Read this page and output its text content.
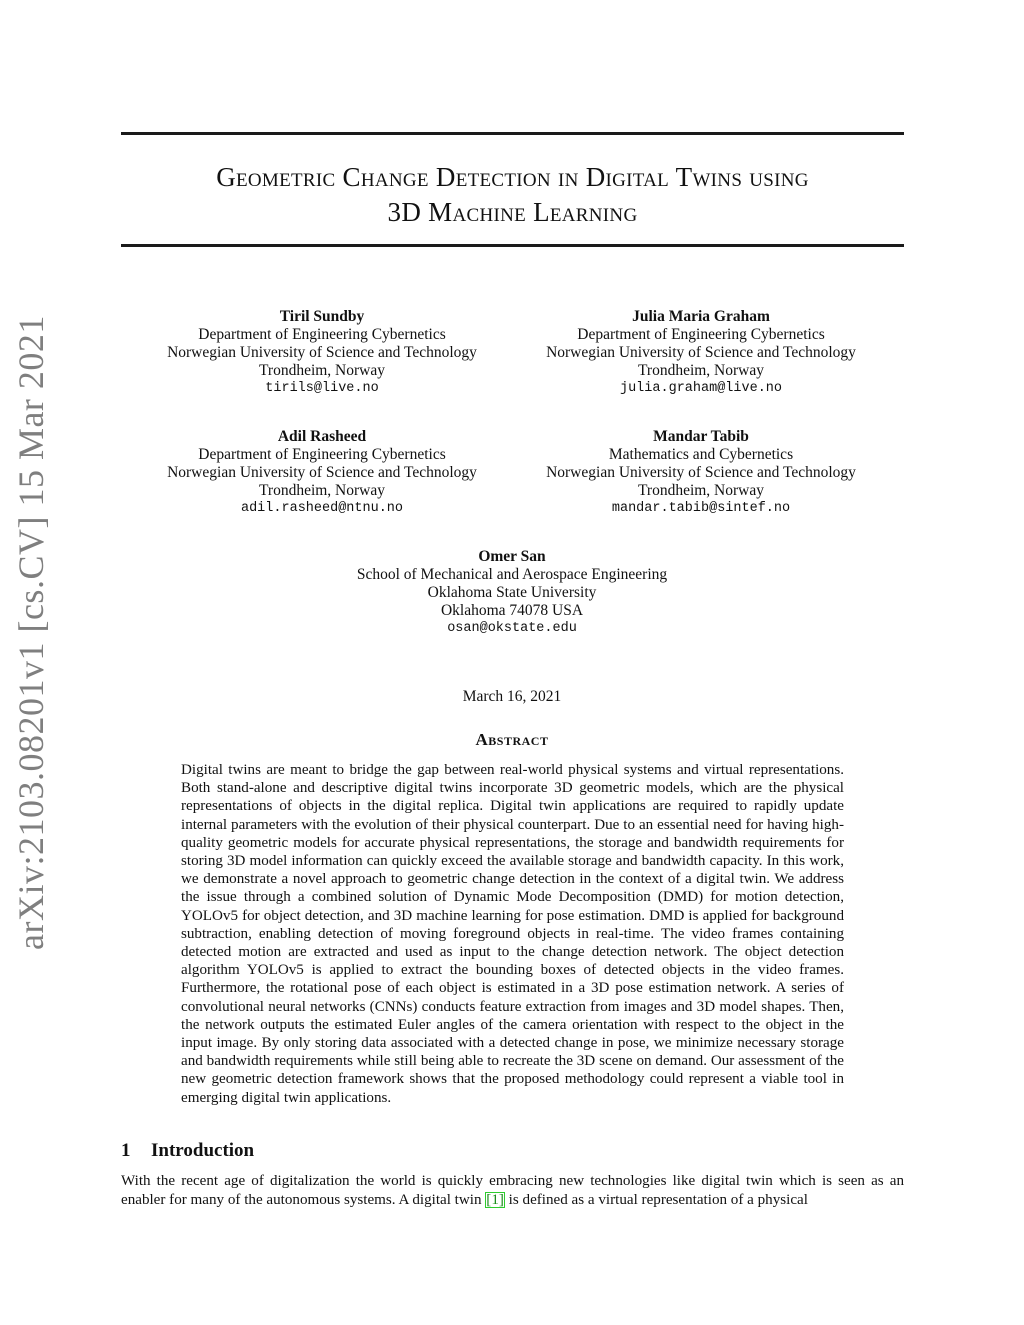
arXiv:2103.08201v1 [cs.CV] 15 Mar 2021
Geometric Change Detection in Digital Twins using
3D Machine Learning
Tiril Sundby
Department of Engineering Cybernetics
Norwegian University of Science and Technology
Trondheim, Norway
tirils@live.no
Julia Maria Graham
Department of Engineering Cybernetics
Norwegian University of Science and Technology
Trondheim, Norway
julia.graham@live.no
Adil Rasheed
Department of Engineering Cybernetics
Norwegian University of Science and Technology
Trondheim, Norway
adil.rasheed@ntnu.no
Mandar Tabib
Mathematics and Cybernetics
Norwegian University of Science and Technology
Trondheim, Norway
mandar.tabib@sintef.no
Omer San
School of Mechanical and Aerospace Engineering
Oklahoma State University
Oklahoma 74078 USA
osan@okstate.edu
March 16, 2021
Abstract

Digital twins are meant to bridge the gap between real-world physical systems and virtual representations. Both stand-alone and descriptive digital twins incorporate 3D geometric models, which are the physical representations of objects in the digital replica. Digital twin applications are required to rapidly update internal parameters with the evolution of their physical counterpart. Due to an essential need for having high-quality geometric models for accurate physical representations, the storage and bandwidth requirements for storing 3D model information can quickly exceed the available storage and bandwidth capacity. In this work, we demonstrate a novel approach to geometric change detection in the context of a digital twin. We address the issue through a combined solution of Dynamic Mode Decomposition (DMD) for motion detection, YOLOv5 for object detection, and 3D machine learning for pose estimation. DMD is applied for background subtraction, enabling detection of moving foreground objects in real-time. The video frames containing detected motion are extracted and used as input to the change detection network. The object detection algorithm YOLOv5 is applied to extract the bounding boxes of detected objects in the video frames. Furthermore, the rotational pose of each object is estimated in a 3D pose estimation network. A series of convolutional neural networks (CNNs) conducts feature extraction from images and 3D model shapes. Then, the network outputs the estimated Euler angles of the camera orientation with respect to the object in the input image. By only storing data associated with a detected change in pose, we minimize necessary storage and bandwidth requirements while still being able to recreate the 3D scene on demand. Our assessment of the new geometric detection framework shows that the proposed methodology could represent a viable tool in emerging digital twin applications.

1 Introduction

With the recent age of digitalization the world is quickly embracing new technologies like digital twin which is seen as an enabler for many of the autonomous systems. A digital twin [1] is defined as a virtual representation of a physical
